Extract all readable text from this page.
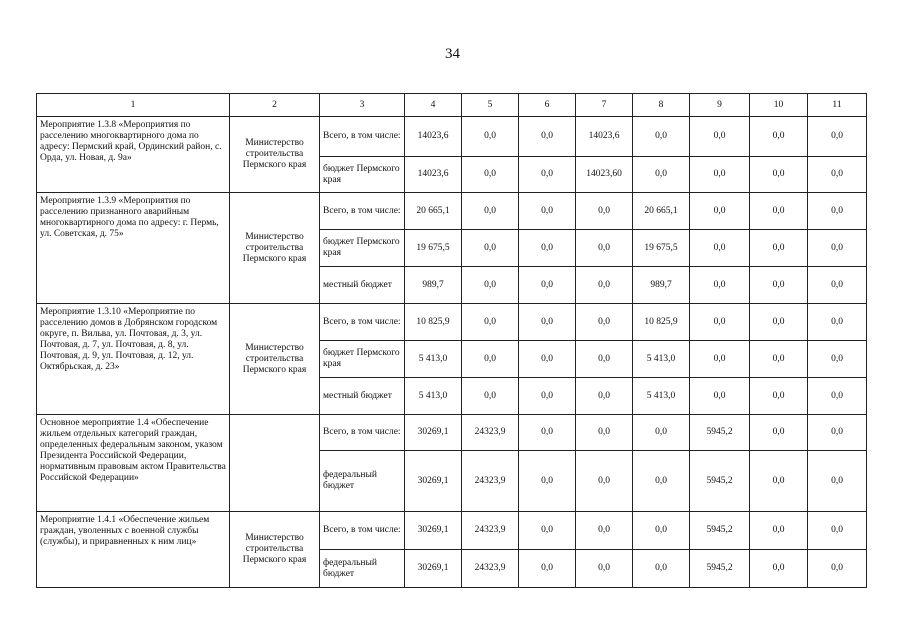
34
1	2	3	4	5	6	7	8	9	10	11
Мероприятие 1.3.8 «Мероприятия по расселению многоквартирного дома по адресу: Пермский край, Ординский район, с. Орда, ул. Новая, д. 9а»	Министерство строительства Пермского края	Всего, в том числе:	14023,6	0,0	0,0	14023,6	0,0	0,0	0,0	0,0
		бюджет Пермского края	14023,6	0,0	0,0	14023,60	0,0	0,0	0,0	0,0
Мероприятие 1.3.9 «Мероприятия по расселению признанного аварийным многоквартирного дома по адресу: г. Пермь, ул. Советская, д. 75»	Министерство строительства Пермского края	Всего, в том числе:	20 665,1	0,0	0,0	0,0	20 665,1	0,0	0,0	0,0
		бюджет Пермского края	19 675,5	0,0	0,0	0,0	19 675,5	0,0	0,0	0,0
		местный бюджет	989,7	0,0	0,0	0,0	989,7	0,0	0,0	0,0
Мероприятие 1.3.10 «Мероприятие по расселению домов в Добрянском городском округе, п. Вильва, ул. Почтовая, д. 3, ул. Почтовая, д. 7, ул. Почтовая, д. 8, ул. Почтовая, д. 9, ул. Почтовая, д. 12, ул. Октябрьская, д. 23»	Министерство строительства Пермского края	Всего, в том числе:	10 825,9	0,0	0,0	0,0	10 825,9	0,0	0,0	0,0
		бюджет Пермского края	5 413,0	0,0	0,0	0,0	5 413,0	0,0	0,0	0,0
		местный бюджет	5 413,0	0,0	0,0	0,0	5 413,0	0,0	0,0	0,0
Основное мероприятие 1.4 «Обеспечение жильем отдельных категорий граждан, определенных федеральным законом, указом Президента Российской Федерации, нормативным правовым актом Правительства Российской Федерации»		Всего, в том числе:	30269,1	24323,9	0,0	0,0	0,0	5945,2	0,0	0,0
		федеральный бюджет	30269,1	24323,9	0,0	0,0	0,0	5945,2	0,0	0,0
Мероприятие 1.4.1 «Обеспечение жильем граждан, уволенных с военной службы (службы), и приравненных к ним лиц»	Министерство строительства Пермского края	Всего, в том числе:	30269,1	24323,9	0,0	0,0	0,0	5945,2	0,0	0,0
		федеральный бюджет	30269,1	24323,9	0,0	0,0	0,0	5945,2	0,0	0,0
